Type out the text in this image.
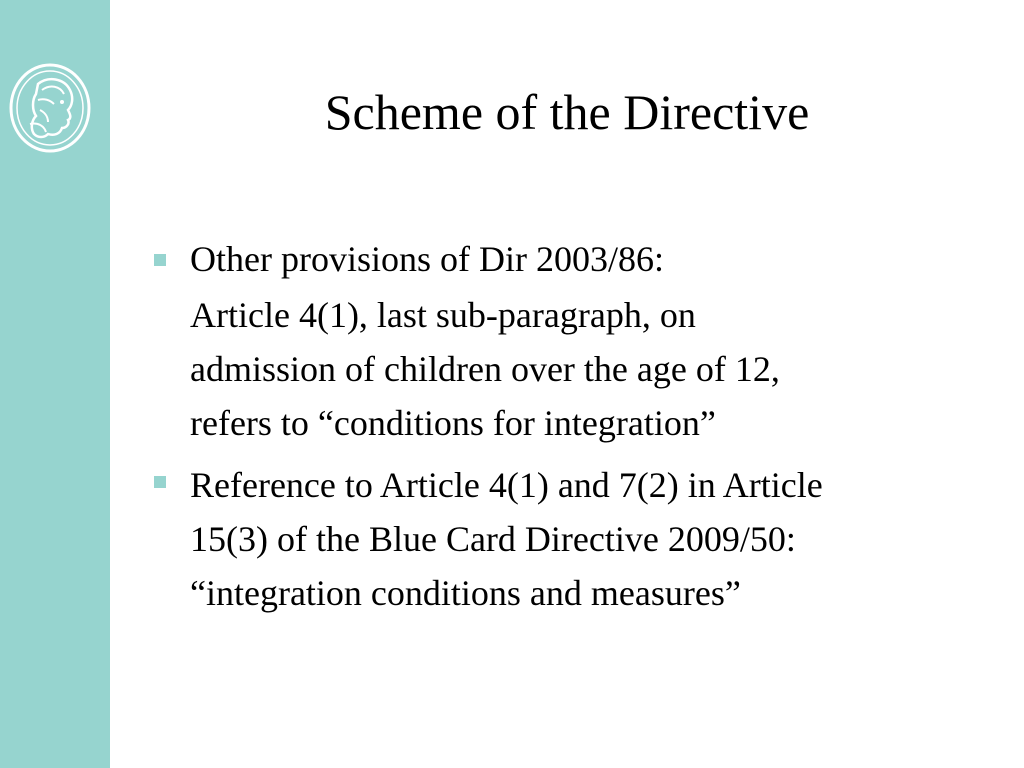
Scheme of the Directive
Other provisions of Dir 2003/86:
Article 4(1), last sub-paragraph, on
admission of children over the age of 12,
refers to “conditions for integration”
Reference to Article 4(1) and 7(2) in Article
15(3) of the Blue Card Directive 2009/50:
“integration conditions and measures”
